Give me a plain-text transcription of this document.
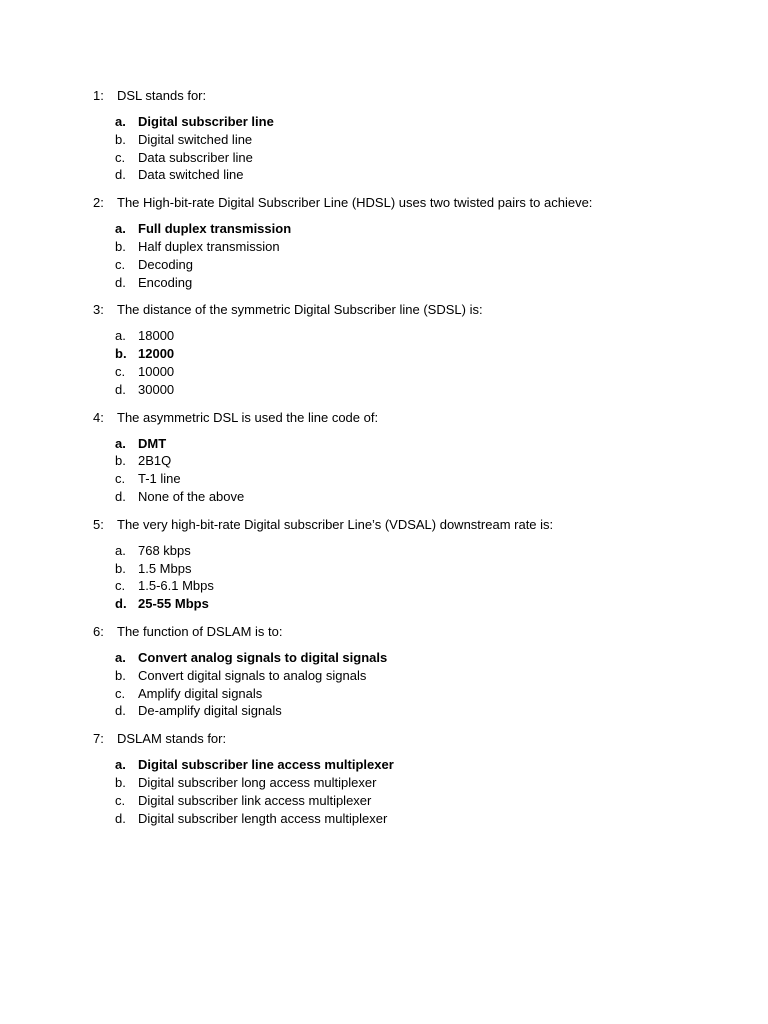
1:	DSL stands for:
a. Digital subscriber line
b. Digital switched line
c. Data subscriber line
d. Data switched line
2:	The High-bit-rate Digital Subscriber Line (HDSL) uses two twisted pairs to achieve:
a. Full duplex transmission
b. Half duplex transmission
c. Decoding
d. Encoding
3:	The distance of the symmetric Digital Subscriber line (SDSL) is:
a. 18000
b. 12000
c. 10000
d. 30000
4:	The asymmetric DSL is used the line code of:
a. DMT
b. 2B1Q
c. T-1 line
d. None of the above
5:	The very high-bit-rate Digital subscriber Line’s (VDSAL) downstream rate is:
a. 768 kbps
b. 1.5 Mbps
c. 1.5-6.1 Mbps
d. 25-55 Mbps
6:	The function of DSLAM is to:
a. Convert analog signals to digital signals
b. Convert digital signals to analog signals
c. Amplify digital signals
d. De-amplify digital signals
7:	DSLAM stands for:
a. Digital subscriber line access multiplexer
b. Digital subscriber long access multiplexer
c. Digital subscriber link access multiplexer
d. Digital subscriber length access multiplexer
